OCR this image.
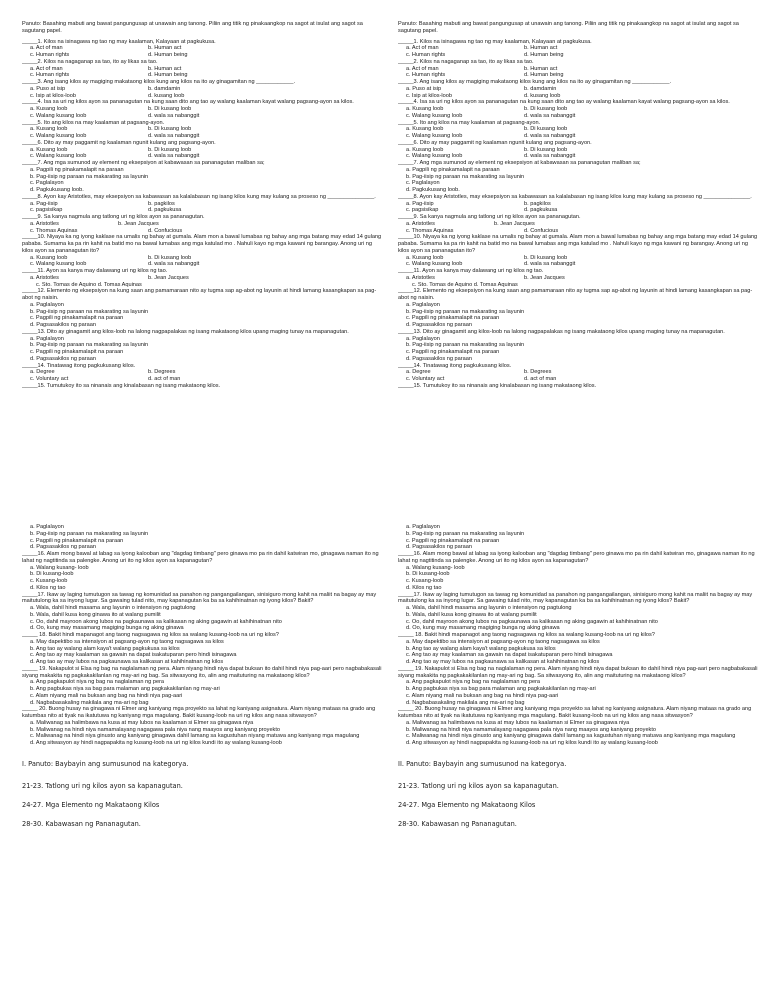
Panuto: Basahing mabuti ang bawat pangungusap at unawain ang tanong. Piliin ang titik ng pinakaangkop na sagot at isulat ang sagot sa sagutang papel.
_____1. Kilos na isinagawa ng tao ng may kaalaman, Kalayaan at pagkukusa.
a. Act of man	b. Human act
c. Human rights	d. Human being
_____2. Kilos na nagaganap sa tao, ito ay likas sa tao.
a. Act of man	b. Human act
c. Human rights	d. Human being
_____3. Ang isang kilos ay magiging makataong kilos kung ang kilos na ito ay ginagamitan ng ____________.
a. Puso at isip	b. damdamin
c. Isip at kilos-loob	d. kusang loob
_____4. Isa sa uri ng kilos ayon sa pananagutan na kung saan dito ang tao ay walang kaalaman kayat walang pagsang-ayon sa kilos.
a. Kusang loob	b. Di kusang loob
c. Walang kusang loob	d. wala sa nabanggit
_____5. Ito ang kilos na may kaalaman at pagsang-ayon.
a. Kusang loob	b. Di kusang loob
c. Walang kusang loob	d. wala sa nabanggit
_____6. Dito ay may paggamit ng kaalaman ngunit kulang ang pagsang-ayon.
a. Kusang loob	b. Di kusang loob
c. Walang kusang loob	d. wala sa nabanggit
_____7. Ang mga sumunod ay element ng eksepsiyon at kabawasan sa pananagutan maliban sa;
a. Pagpili ng pinakamalapit na paraan
b. Pag-iisip ng paraan na makarating sa layunin
c. Paglalayon
d. Pagkukusang loob.
_____8. Ayon kay Aristotles, may eksepsiyon sa kabawasan sa kalalabasan ng isang kilos kung may kulang sa proseso ng _______________.
a. Pag-iisip	b. pagkilos
c. pagsisikap	d. pagkukusa
_____9. Sa kanya nagmula ang tatlong uri ng kilos ayon sa pananagutan.
a. Aristotles	b. Jean Jacques
c. Thomas Aquinas	d. Confucious
_____10. Niyaya ka ng iyong kaklase na umalis ng bahay at gumala. Alam mon a bawal lumabas ng bahay ang mga batang may edad 14 gulang pababa. Sumama ka pa rin kahit na batid mo na bawal lumabas ang mga katulad mo . Nahuli kayo ng mga kawani ng barangay. Anong uri ng kilos ayon sa pananagutan ito?
a. Kusang loob	b. Di kusang loob
c. Walang kusang loob	d. wala sa nabanggit
_____11. Ayon sa kanya may dalawang uri ng kilos ng tao.
a. Aristotles	b. Jean Jacques
c. Sto. Tomas de Aquino d. Tomas Aquinas
_____12. Elemento ng eksepsiyon na kung saan ang pamamaraan nito ay tugma sap ag-abot ng layunin at hindi lamang kasangkapan sa pag-abot ng naisin.
a. Paglalayon
b. Pag-iisip ng paraan na makarating sa layunin
c. Pagpili ng pinakamalapit na paraan
d. Pagsasakilos ng paraan
_____13. Dito ay ginagamit ang kilos-loob na lalong nagpapalakas ng isang makataong kilos upang maging tunay na mapanagutan.
a. Paglalayon
b. Pag-iisip ng paraan na makarating sa layunin
c. Pagpili ng pinakamalapit na paraan
d. Pagsasakilos ng paraan
_____14. Tinatawag itong pagkukusang kilos.
a. Degree	b. Degrees
c. Voluntary act	d. act of man
_____15. Tumutukoy ito sa ninanais ang kinalabasan ng isang makataong kilos.
Panuto: Basahing mabuti ang bawat pangungusap at unawain ang tanong. Piliin ang titik ng pinakaangkop na sagot at isulat ang sagot sa sagutang papel.
_____1. Kilos na isinagawa ng tao ng may kaalaman, Kalayaan at pagkukusa.
a. Act of man	b. Human act
c. Human rights	d. Human being
_____2. Kilos na nagaganap sa tao, ito ay likas sa tao.
a. Act of man	b. Human act
c. Human rights	d. Human being
_____3. Ang isang kilos ay magiging makataong kilos kung ang kilos na ito ay ginagamitan ng ____________.
a. Puso at isip	b. damdamin
c. Isip at kilos-loob	d. kusang loob
_____4. Isa sa uri ng kilos ayon sa pananagutan na kung saan dito ang tao ay walang kaalaman kayat walang pagsang-ayon sa kilos.
a. Kusang loob	b. Di kusang loob
c. Walang kusang loob	d. wala sa nabanggit
_____5. Ito ang kilos na may kaalaman at pagsang-ayon.
a. Kusang loob	b. Di kusang loob
c. Walang kusang loob	d. wala sa nabanggit
_____6. Dito ay may paggamit ng kaalaman ngunit kulang ang pagsang-ayon.
a. Kusang loob	b. Di kusang loob
c. Walang kusang loob	d. wala sa nabanggit
_____7. Ang mga sumunod ay element ng eksepsiyon at kabawasan sa pananagutan maliban sa;
a. Pagpili ng pinakamalapit na paraan
b. Pag-iisip ng paraan na makarating sa layunin
c. Paglalayon
d. Pagkukusang loob.
_____8. Ayon kay Aristotles, may eksepsiyon sa kabawasan sa kalalabasan ng isang kilos kung may kulang sa proseso ng _______________.
a. Pag-iisip	b. pagkilos
c. pagsisikap	d. pagkukusa
_____9. Sa kanya nagmula ang tatlong uri ng kilos ayon sa pananagutan.
a. Aristotles	b. Jean Jacques
c. Thomas Aquinas	d. Confucious
_____10. Niyaya ka ng iyong kaklase na umalis ng bahay at gumala. Alam mon a bawal lumabas ng bahay ang mga batang may edad 14 gulang pababa. Sumama ka pa rin kahit na batid mo na bawal lumabas ang mga katulad mo . Nahuli kayo ng mga kawani ng barangay. Anong uri ng kilos ayon sa pananagutan ito?
a. Kusang loob	b. Di kusang loob
c. Walang kusang loob	d. wala sa nabanggit
_____11. Ayon sa kanya may dalawang uri ng kilos ng tao.
a. Aristotles	b. Jean Jacques
c. Sto. Tomas de Aquino d. Tomas Aquinas
_____12. Elemento ng eksepsiyon na kung saan ang pamamaraan nito ay tugma sap ag-abot ng layunin at hindi lamang kasangkapan sa pag-abot ng naisin.
a. Paglalayon
b. Pag-iisip ng paraan na makarating sa layunin
c. Pagpili ng pinakamalapit na paraan
d. Pagsasakilos ng paraan
_____13. Dito ay ginagamit ang kilos-loob na lalong nagpapalakas ng isang makataong kilos upang maging tunay na mapanagutan.
a. Paglalayon
b. Pag-iisip ng paraan na makarating sa layunin
c. Pagpili ng pinakamalapit na paraan
d. Pagsasakilos ng paraan
_____14. Tinatawag itong pagkukusang kilos.
a. Degree	b. Degrees
c. Voluntary act	d. act of man
_____15. Tumutukoy ito sa ninanais ang kinalabasan ng isang makataong kilos.
a. Paglalayon
b. Pag-iisip ng paraan na makarating sa layunin
c. Pagpili ng pinakamalapit na paraan
d. Pagsasakilos ng paraan
_____16. Alam mong bawal at labag sa iyong kalooban ang "dagdag timbang" pero ginawa mo pa rin dahil katwiran mo, ginagawa naman ito ng lahat ng nagtitinda sa palengke. Anong uri ito ng kilos ayon sa kapanagutan?
a. Walang kusang- loob
b. Di kusang-loob
c. Kusang-loob
d. Kilos ng tao
_____17. Ikaw ay laging tumutugon sa tawag ng komunidad sa panahon ng pangangailangan, sinisiguro mong kahit na maliit na bagay ay may maitutulong ka sa inyong lugar. Sa gawaing tulad nito, may kapanagutan ka ba sa kahihinatnan ng iyong kilos? Bakit?
a. Wala, dahil hindi masama ang layunin o intensiyon ng pagtulong
b. Wala, dahil kusa kong ginawa ito at walang pumilit
c. Oo, dahil mayroon akong lubos na pagkaunawa sa kalikasan ng aking gagawin at kahihinatnan nito
d. Oo, kung may masamang magiging bunga ng aking ginawa
_____ 18. Bakit hindi mapanagot ang taong nagsagawa ng kilos sa walang kusang-loob na uri ng kilos?
a. May dapektibo sa intensiyon at pagsang-ayon ng taong nagsagawa sa kilos
b. Ang tao ay walang alam kaya't walang pagkukusa sa kilos
c. Ang tao ay may kaalaman sa gawain na dapat isakatuparan pero hindi isinagawa
d. Ang tao ay may lubos na pagkaunawa sa kalikasan at kahihinatnan ng kilos
_____ 19. Nakapulot si Elsa ng bag na naglalaman ng pera. Alam niyang hindi niya dapat buksan ito dahil hindi niya pag-aari pero nagbabakasali siyang makakita ng pagkakakilanlan ng may-ari ng bag. Sa sitwasyong ito, alin ang maituturing na makataong kilos?
a. Ang pagkapulot niya ng bag na naglalaman ng pera
b. Ang pagbukas niya sa bag para malaman ang pagkakakilanlan ng may-ari
c. Alam niyang mali na buksan ang bag na hindi niya pag-aari
d. Nagbabasakaling makilala ang ma-ari ng bag
_____ 20. Buong husay na ginagawa ni Elmer ang kaniyang mga proyekto sa lahat ng kaniyang asignatura. Alam niyang mataas na grado ang katumbas nito at tiyak na ikatutuwa ng kaniyang mga magulang. Bakit kusang-loob na uri ng kilos ang nasa sitwasyon?
a. Maliwanag sa halimbawa na kusa at may lubos na kaalaman si Elmer sa ginagawa niya
b. Maliwanag na hindi niya namamalayang nagagawa pala niya nang maayos ang kaniyang proyekto
c. Maliwanag na hindi niya ginusto ang kaniyang ginagawa dahil lamang sa kagustuhan niyang matuwa ang kaniyang mga magulang
d. Ang sitwasyon ay hindi nagpapakita ng kusang-loob na uri ng kilos kundi ito ay walang kusang-loob
I. Panuto: Baybayin ang sumusunod na kategorya.
21-23. Tatlong uri ng kilos ayon sa kapanagutan.
24-27. Mga Elemento ng Makataong Kilos
28-30. Kabawasan ng Pananagutan.
a. Paglalayon
b. Pag-iisip ng paraan na makarating sa layunin
c. Pagpili ng pinakamalapit na paraan
d. Pagsasakilos ng paraan
_____16. Alam mong bawal at labag sa iyong kalooban ang "dagdag timbang" pero ginawa mo pa rin dahil katwiran mo, ginagawa naman ito ng lahat ng nagtitinda sa palengke. Anong uri ito ng kilos ayon sa kapanagutan?
a. Walang kusang- loob
b. Di kusang-loob
c. Kusang-loob
d. Kilos ng tao
_____17. Ikaw ay laging tumutugon sa tawag ng komunidad sa panahon ng pangangailangan, sinisiguro mong kahit na maliit na bagay ay may maitutulong ka sa inyong lugar. Sa gawaing tulad nito, may kapanagutan ka ba sa kahihinatnan ng iyong kilos? Bakit?
a. Wala, dahil hindi masama ang layunin o intensiyon ng pagtulong
b. Wala, dahil kusa kong ginawa ito at walang pumilit
c. Oo, dahil mayroon akong lubos na pagkaunawa sa kalikasan ng aking gagawin at kahihinatnan nito
d. Oo, kung may masamang magiging bunga ng aking ginawa
_____ 18. Bakit hindi mapanagot ang taong nagsagawa ng kilos sa walang kusang-loob na uri ng kilos?
a. May dapektibo sa intensiyon at pagsang-ayon ng taong nagsagawa sa kilos
b. Ang tao ay walang alam kaya't walang pagkukusa sa kilos
c. Ang tao ay may kaalaman sa gawain na dapat isakatuparan pero hindi isinagawa
d. Ang tao ay may lubos na pagkaunawa sa kalikasan at kahihinatnan ng kilos
_____ 19. Nakapulot si Elsa ng bag na naglalaman ng pera. Alam niyang hindi niya dapat buksan ito dahil hindi niya pag-aari pero nagbabakasali siyang makakita ng pagkakakilanlan ng may-ari ng bag. Sa sitwasyong ito, alin ang maituturing na makataong kilos?
a. Ang pagkapulot niya ng bag na naglalaman ng pera
b. Ang pagbukas niya sa bag para malaman ang pagkakakilanlan ng may-ari
c. Alam niyang mali na buksan ang bag na hindi niya pag-aari
d. Nagbabasakaling makilala ang ma-ari ng bag
_____ 20. Buong husay na ginagawa ni Elmer ang kaniyang mga proyekto sa lahat ng kaniyang asignatura. Alam niyang mataas na grado ang katumbas nito at tiyak na ikatutuwa ng kaniyang mga magulang. Bakit kusang-loob na uri ng kilos ang nasa sitwasyon?
a. Maliwanag sa halimbawa na kusa at may lubos na kaalaman si Elmer sa ginagawa niya
b. Maliwanag na hindi niya namamalayang nagagawa pala niya nang maayos ang kaniyang proyekto
c. Maliwanag na hindi niya ginusto ang kaniyang ginagawa dahil lamang sa kagustuhan niyang matuwa ang kaniyang mga magulang
d. Ang sitwasyon ay hindi nagpapakita ng kusang-loob na uri ng kilos kundi ito ay walang kusang-loob
II. Panuto: Baybayin ang sumusunod na kategorya.
21-23. Tatlong uri ng kilos ayon sa kapanagutan.
24-27. Mga Elemento ng Makataong Kilos
28-30. Kabawasan ng Pananagutan.
